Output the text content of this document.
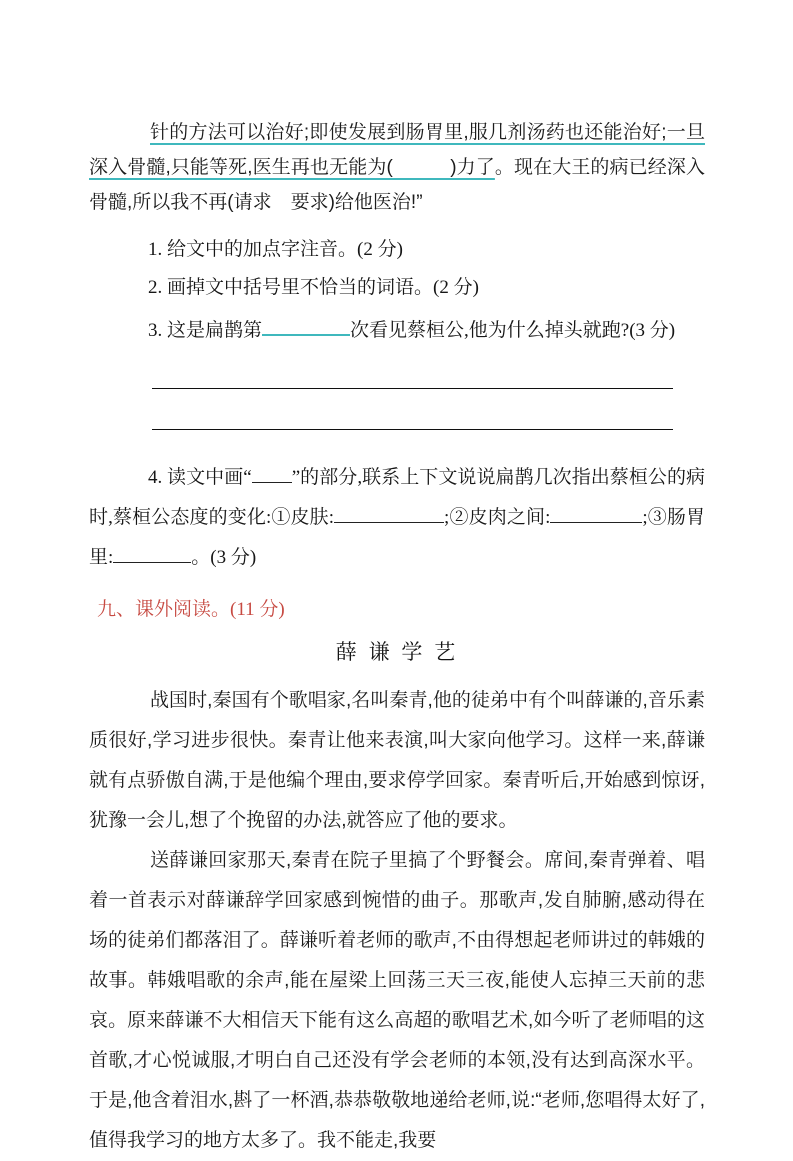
针的方法可以治好;即使发展到肠胃里,服几剂汤药也还能治好;一旦深入骨髓,只能等死,医生再也无能为(　　　)力了。现在大王的病已经深入骨髓,所以我不再(请求　要求)给他医治!”

1. 给文中的加点字注音。(2 分)
2. 画掉文中括号里不恰当的词语。(2 分)
3. 这是扁鹊第	次看见蔡桓公,他为什么掉头就跑?(3 分)

4. 读文中画“ ”的部分,联系上下文说说扁鹊几次指出蔡桓公的病时,蔡桓公态度的变化:①皮肤:	;②皮肉之间:	;③肠胃里:	。(3 分)

九、课外阅读。(11 分)
薛 谦 学 艺

战国时,秦国有个歌唱家,名叫秦青,他的徒弟中有个叫薛谦的,音乐素质很好,学习进步很快。秦青让他来表演,叫大家向他学习。这样一来,薛谦就有点骄傲自满,于是他编个理由,要求停学回家。秦青听后,开始感到惊讶,犹豫一会儿,想了个挽留的办法,就答应了他的要求。

送薛谦回家那天,秦青在院子里搞了个野餐会。席间,秦青弹着、唱着一首表示对薛谦辞学回家感到惋惜的曲子。那歌声,发自肺腑,感动得在场的徒弟们都落泪了。薛谦听着老师的歌声,不由得想起老师讲过的韩娥的故事。韩娥唱歌的余声,能在屋梁上回荡三天三夜,能使人忘掉三天前的悲哀。原来薛谦不大相信天下能有这么高超的歌唱艺术,如今听了老师唱的这首歌,才心悦诚服,才明白自己还没有学会老师的本领,没有达到高深水平。于是,他含着泪水,斟了一杯酒,恭恭敬敬地递给老师,说:“老师,您唱得太好了,值得我学习的地方太多了。我不能走,我要
